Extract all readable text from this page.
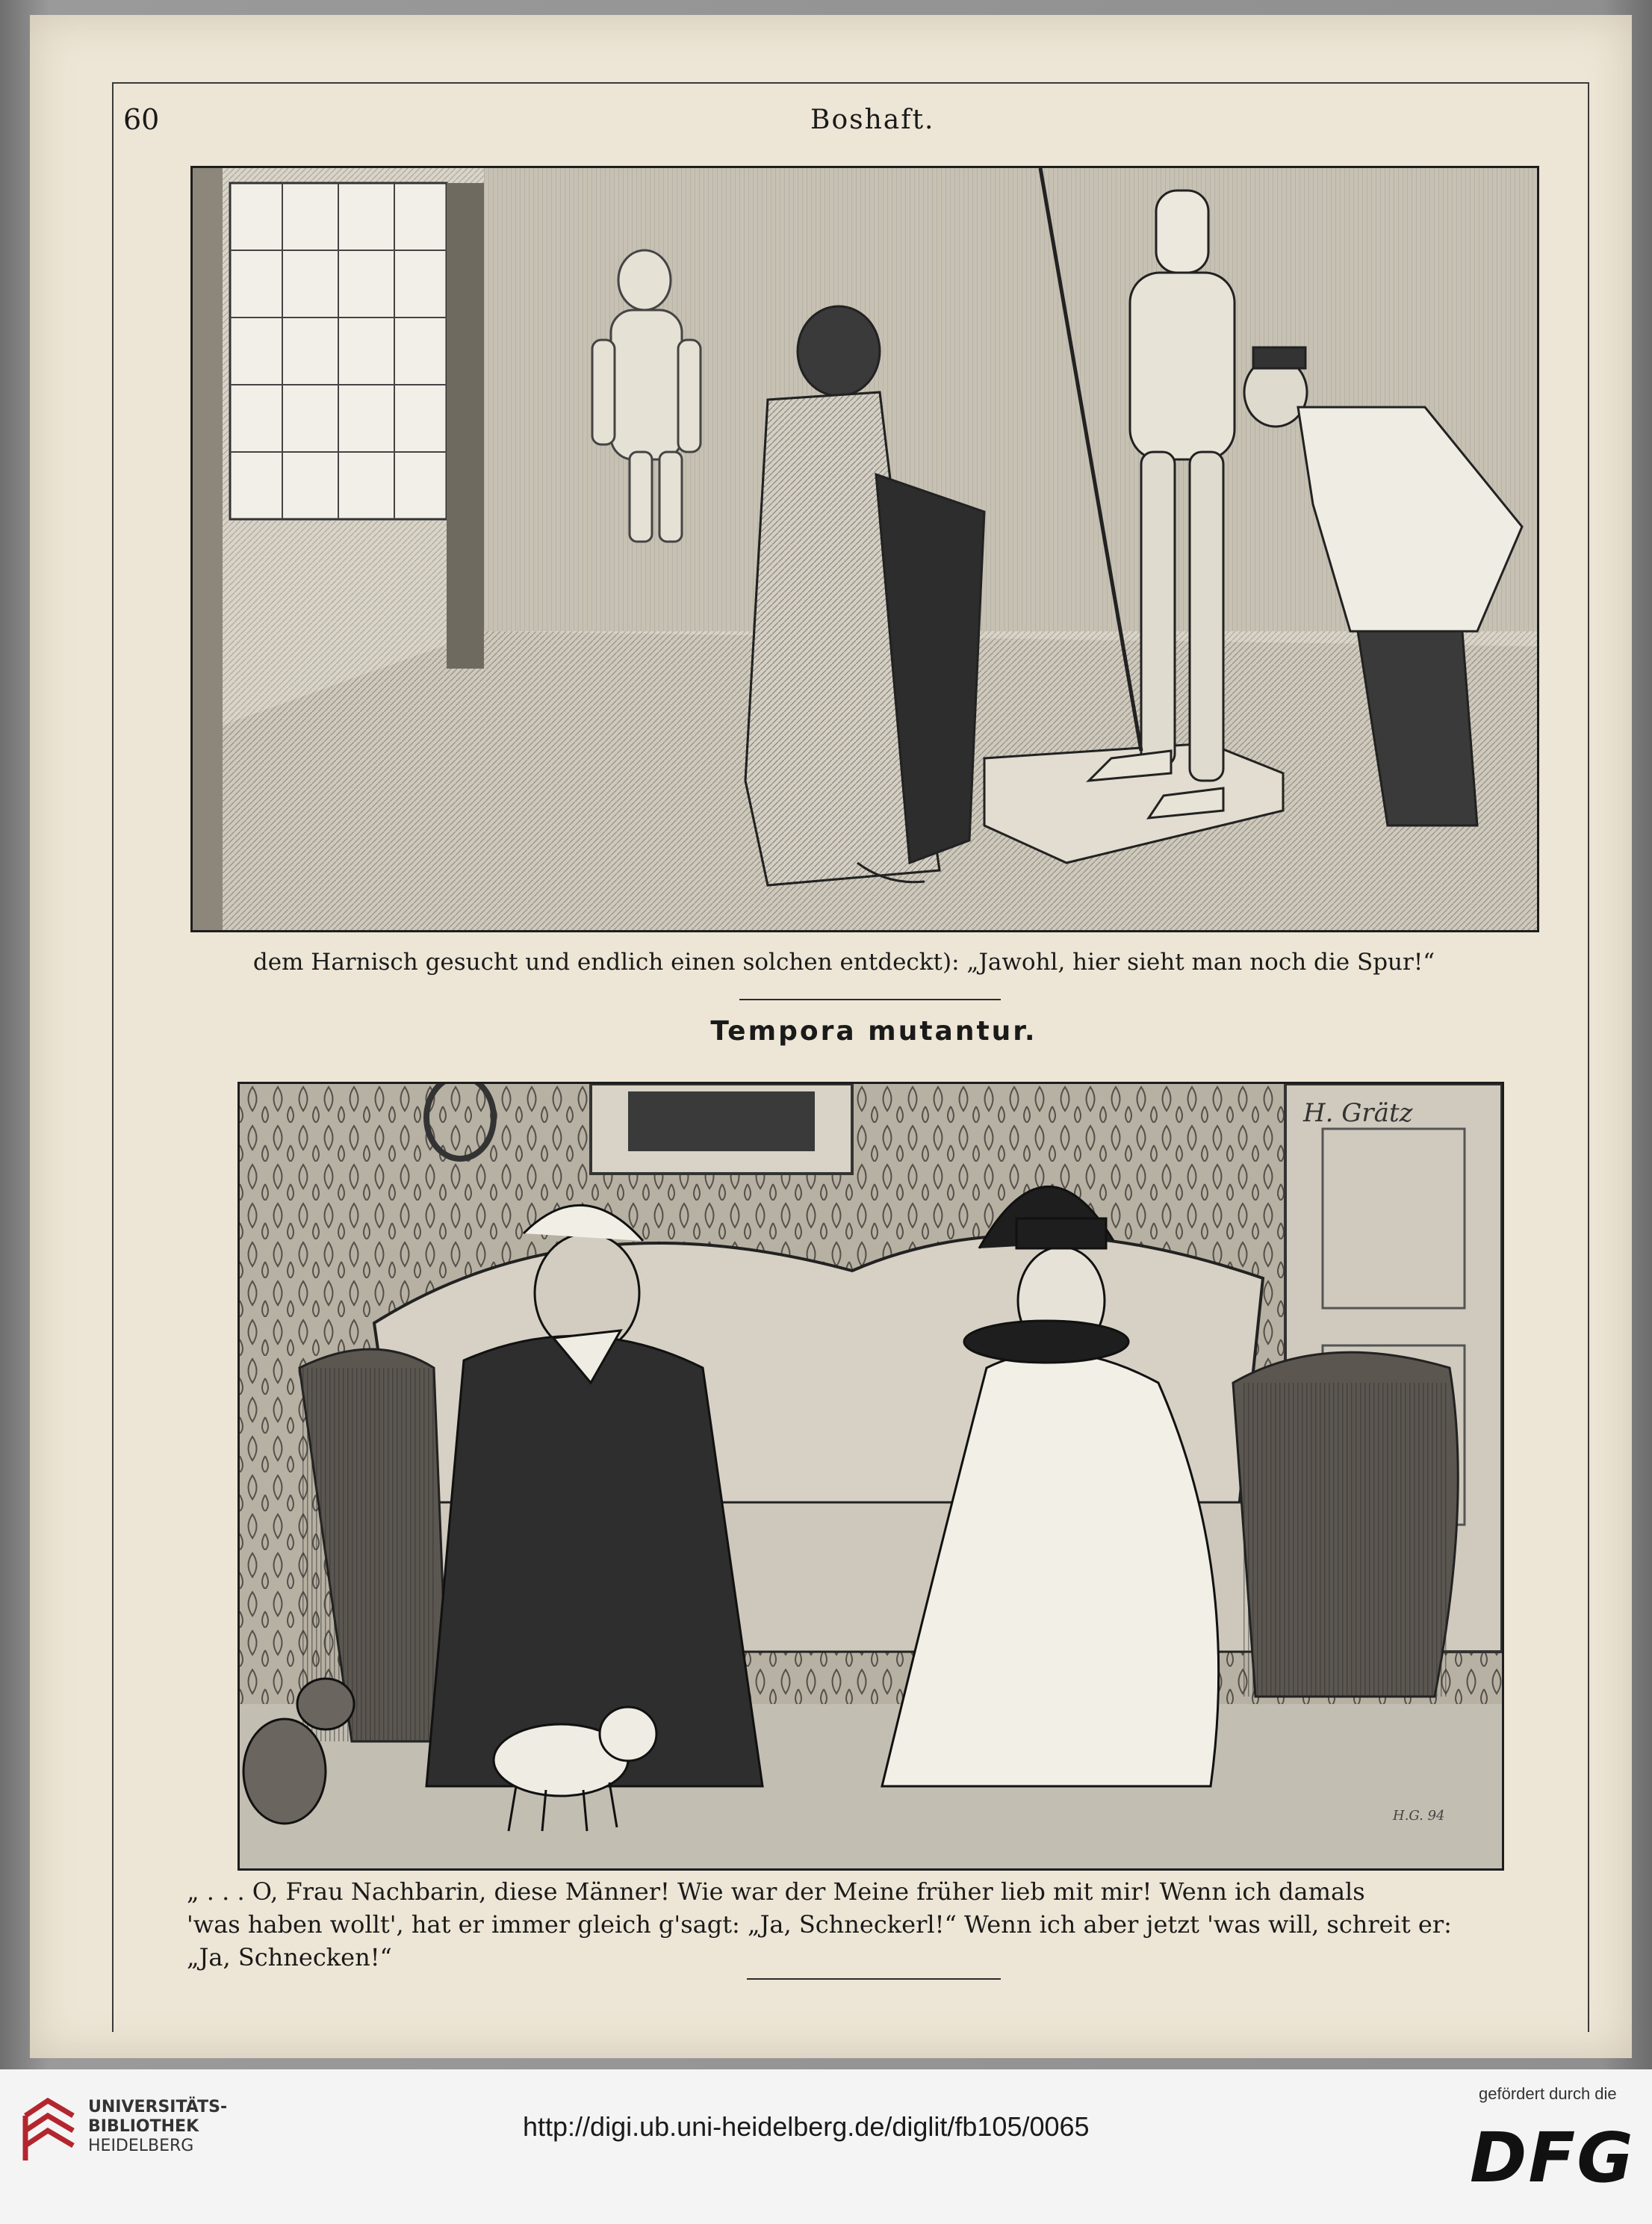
60	Boshaft.
dem Harnisch gesucht und endlich einen solchen entdeckt): „Jawohl, hier sieht man noch die Spur!“
Tempora mutantur.
H. Grätz
H.G. 94
„ . . . O, Frau Nachbarin, diese Männer! Wie war der Meine früher lieb mit mir! Wenn ich damals
'was haben wollt', hat er immer gleich g'sagt: „Ja, Schneckerl!“ Wenn ich aber jetzt 'was will, schreit er:
„Ja, Schnecken!“
UNIVERSITÄTS-
BIBLIOTHEK
HEIDELBERG
http://digi.ub.uni-heidelberg.de/diglit/fb105/0065
gefördert durch die
DFG
